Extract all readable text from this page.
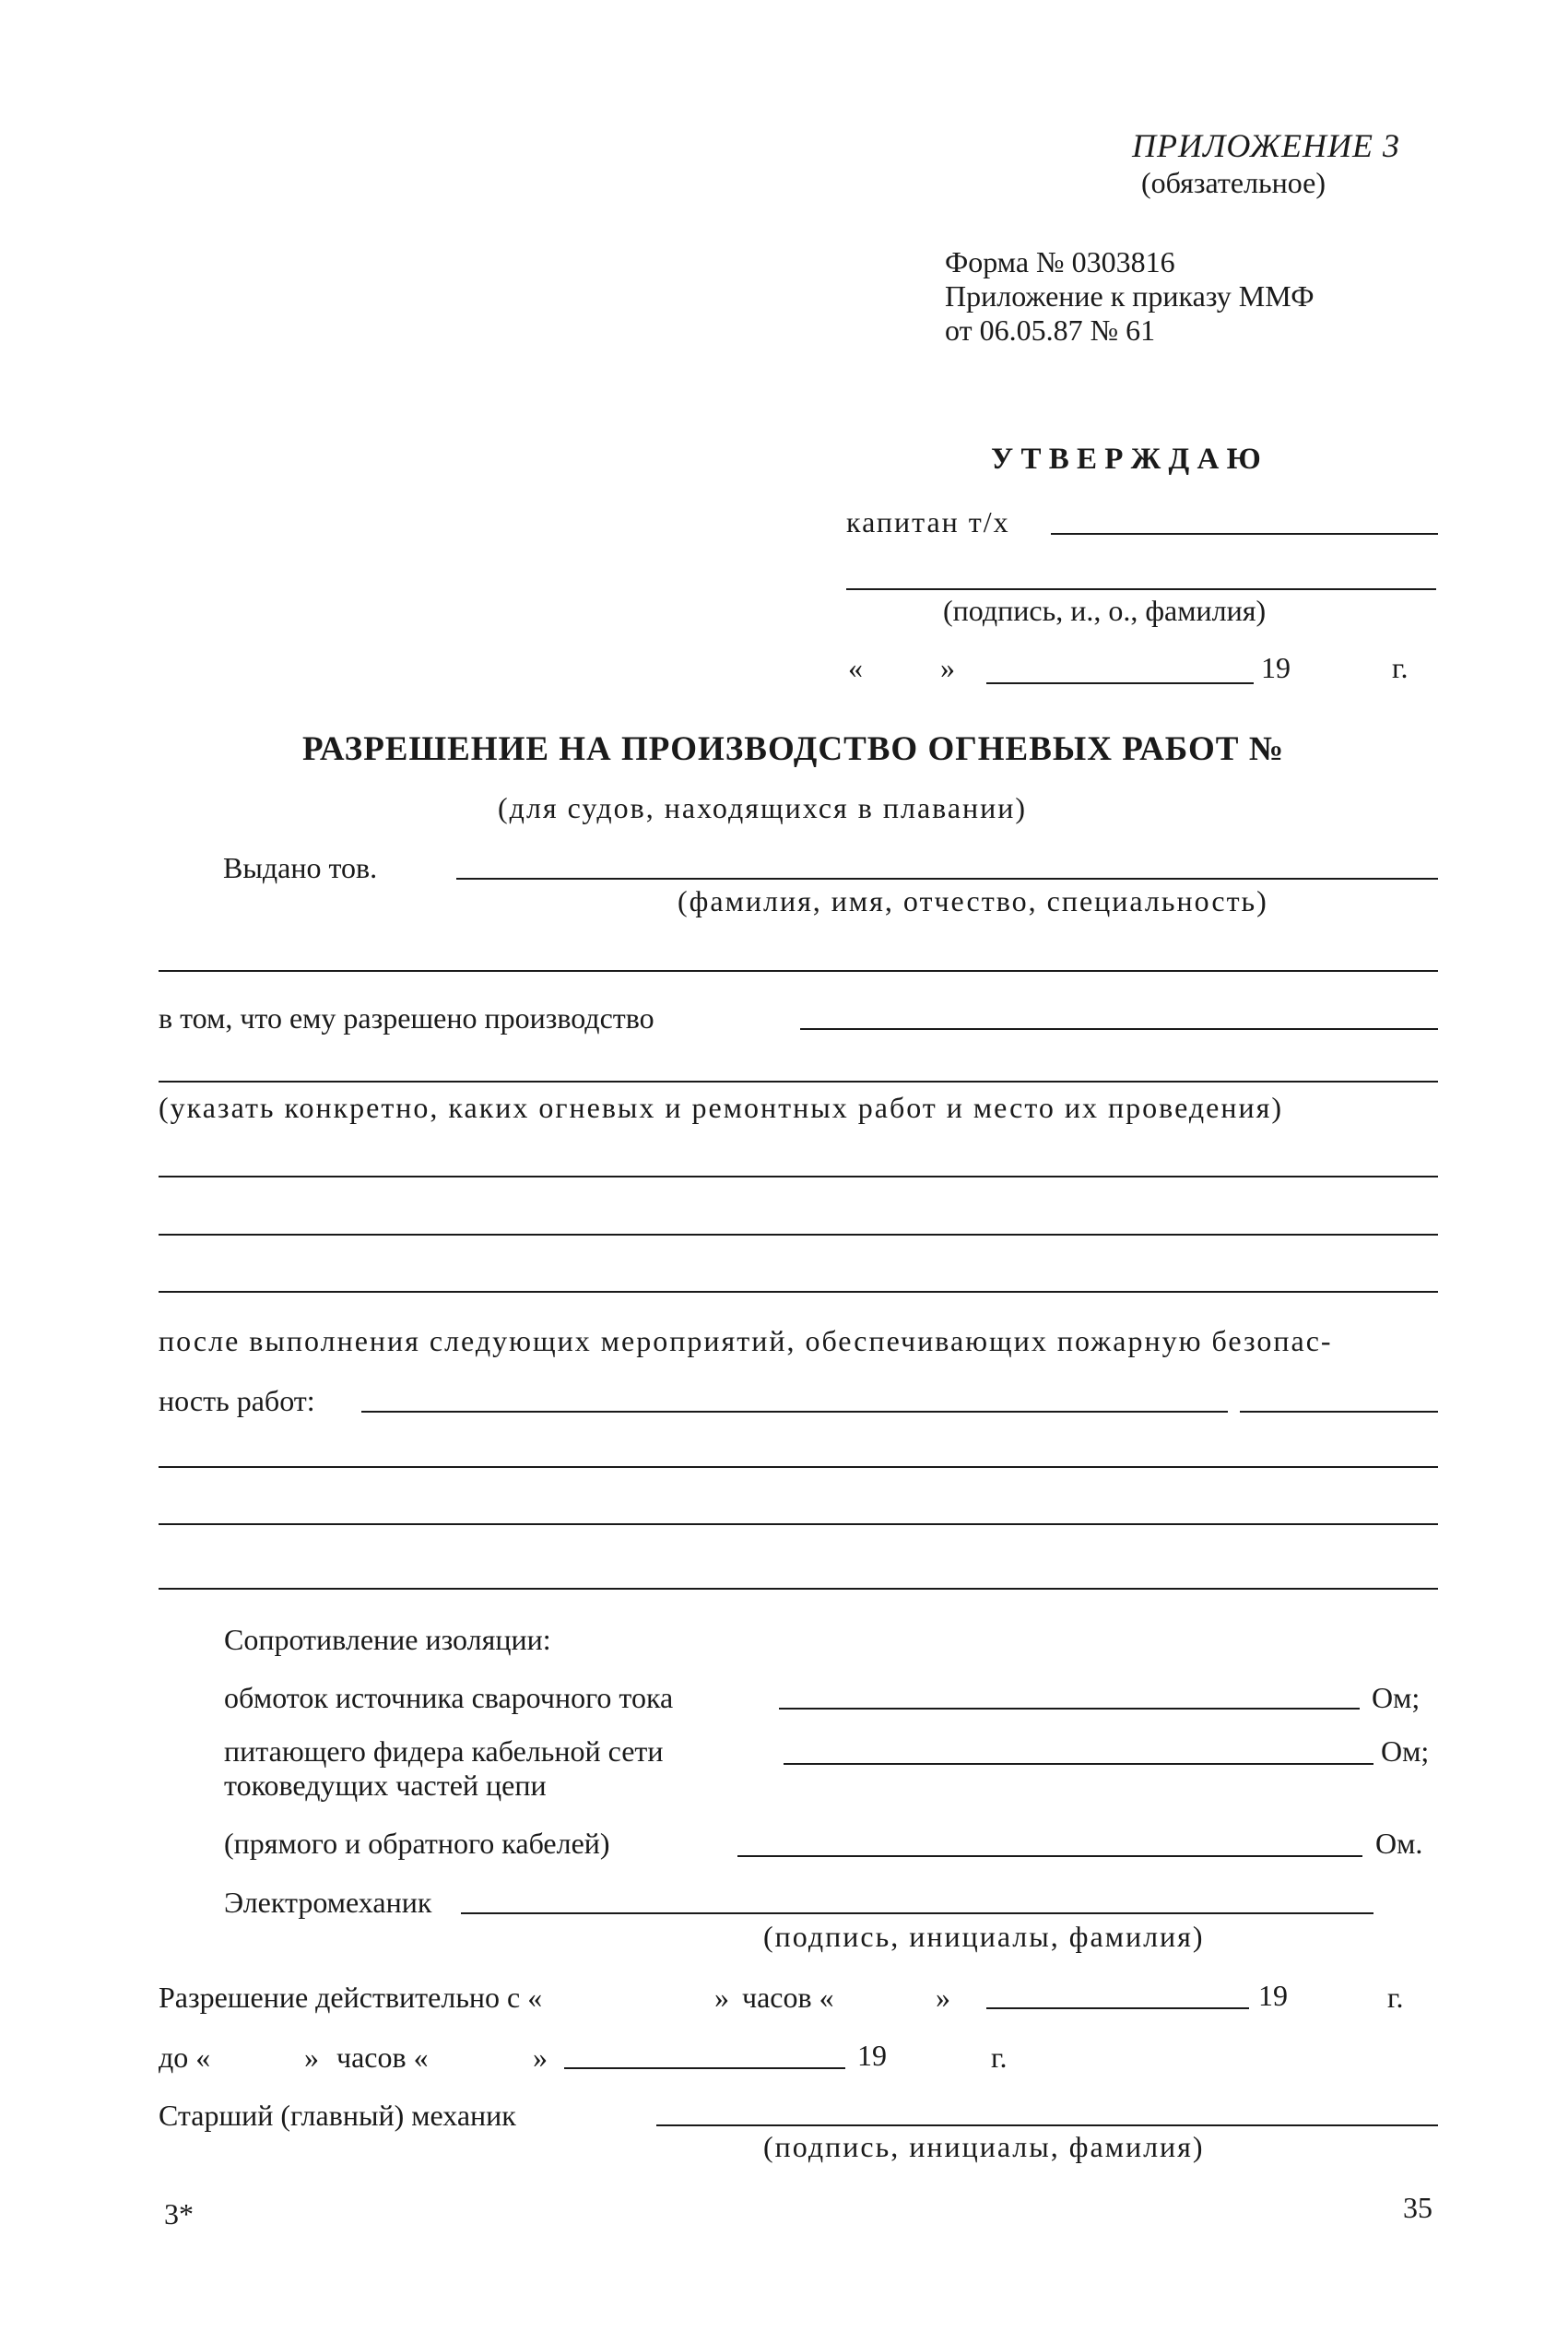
ПРИЛОЖЕНИЕ 3
(обязательное)
Форма № 0303816
Приложение к приказу ММФ
от 06.05.87 № 61
У Т В Е Р Ж Д А Ю
капитан т/х
(подпись, и., о., фамилия)
«	»	19	г.
РАЗРЕШЕНИЕ НА ПРОИЗВОДСТВО ОГНЕВЫХ РАБОТ №
(для судов, находящихся в плавании)
Выдано тов.
(фамилия, имя, отчество, специальность)
в том, что ему разрешено производство
(указать конкретно, каких огневых и ремонтных работ и место их проведения)
после выполнения следующих мероприятий, обеспечивающих пожарную безопас-
ность работ:
Сопротивление изоляции:
обмоток источника сварочного тока	Ом;
питающего фидера кабельной сети	Ом;
токоведущих частей цепи
(прямого и обратного кабелей)	Ом.
Электромеханик
(подпись, инициалы, фамилия)
Разрешение действительно с «	» часов «	»	19	г.
до «	» часов «	»	19	г.
Старший (главный) механик
(подпись, инициалы, фамилия)
3*	35
